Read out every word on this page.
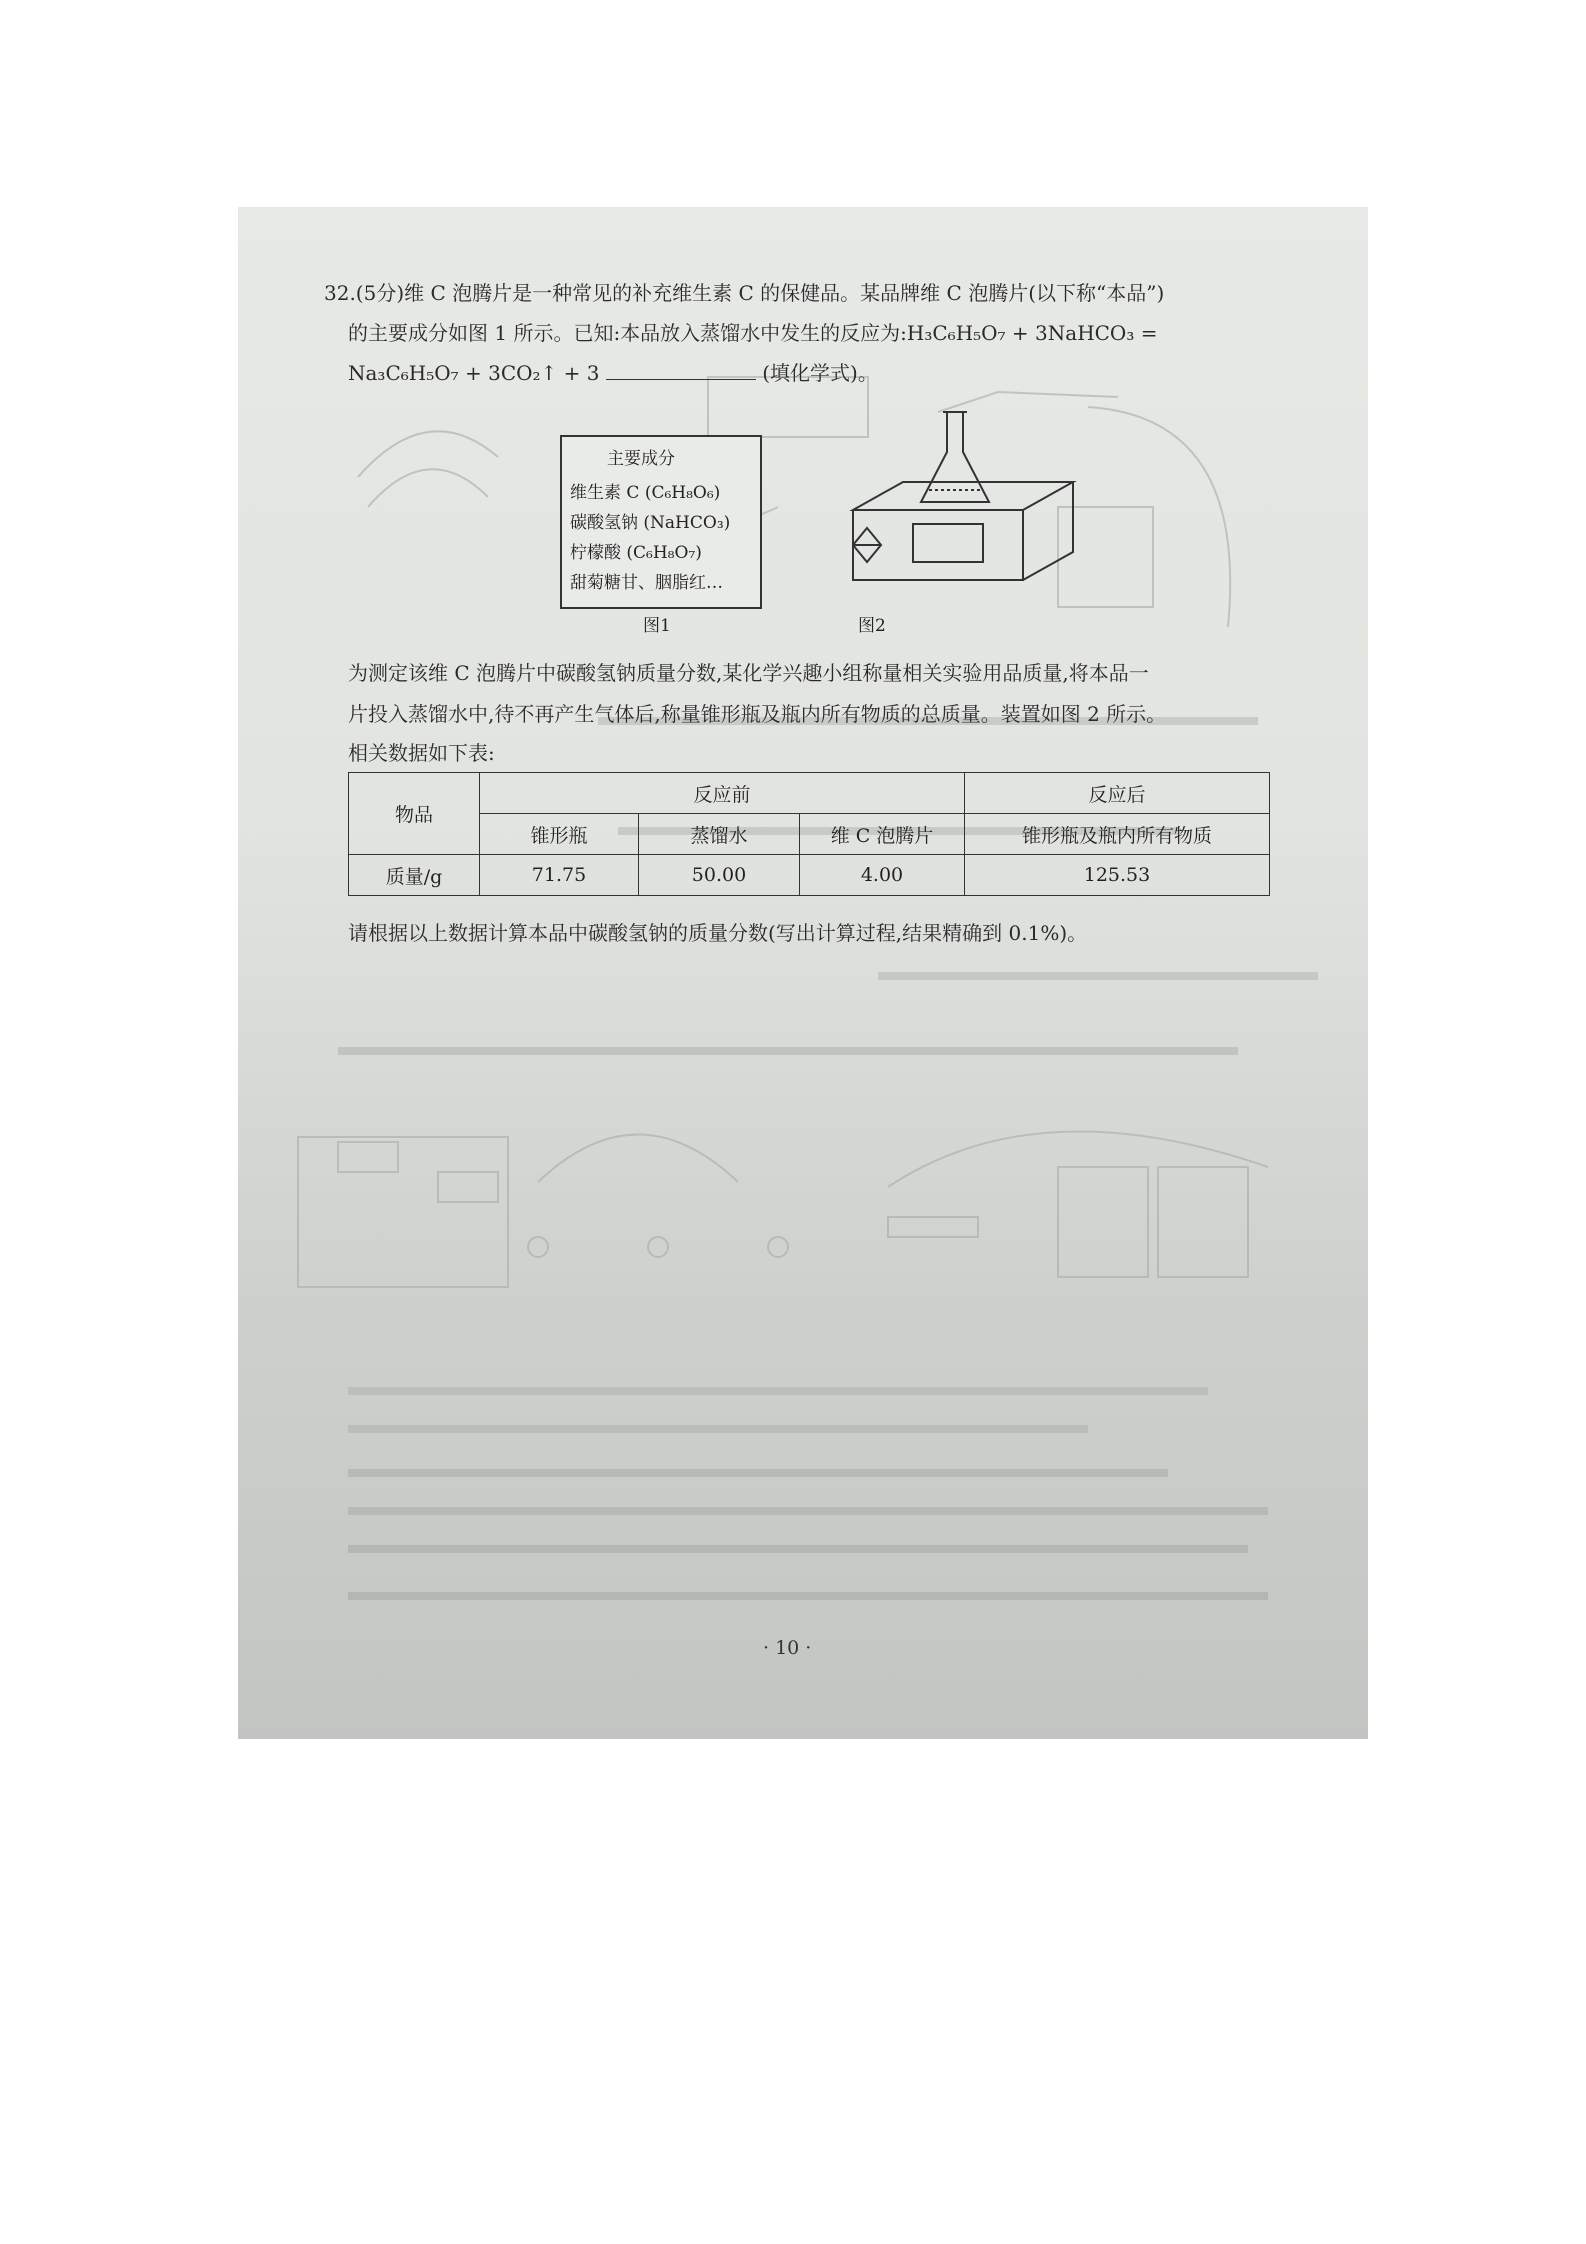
32.(5分)维 C 泡腾片是一种常见的补充维生素 C 的保健品。某品牌维 C 泡腾片(以下称“本品”)
的主要成分如图 1 所示。已知:本品放入蒸馏水中发生的反应为:H₃C₆H₅O₇ + 3NaHCO₃ =
Na₃C₆H₅O₇ + 3CO₂↑ + 3	(填化学式)。
主要成分
维生素 C (C₆H₈O₆)
碳酸氢钠 (NaHCO₃)
柠檬酸 (C₆H₈O₇)
甜菊糖甘、胭脂红…
图1	图2
为测定该维 C 泡腾片中碳酸氢钠质量分数,某化学兴趣小组称量相关实验用品质量,将本品一
片投入蒸馏水中,待不再产生气体后,称量锥形瓶及瓶内所有物质的总质量。装置如图 2 所示。
相关数据如下表:
物品	反应前			反应后
	锥形瓶	蒸馏水	维 C 泡腾片	锥形瓶及瓶内所有物质
质量/g	71.75	50.00	4.00	125.53
请根据以上数据计算本品中碳酸氢钠的质量分数(写出计算过程,结果精确到 0.1%)。
· 10 ·
